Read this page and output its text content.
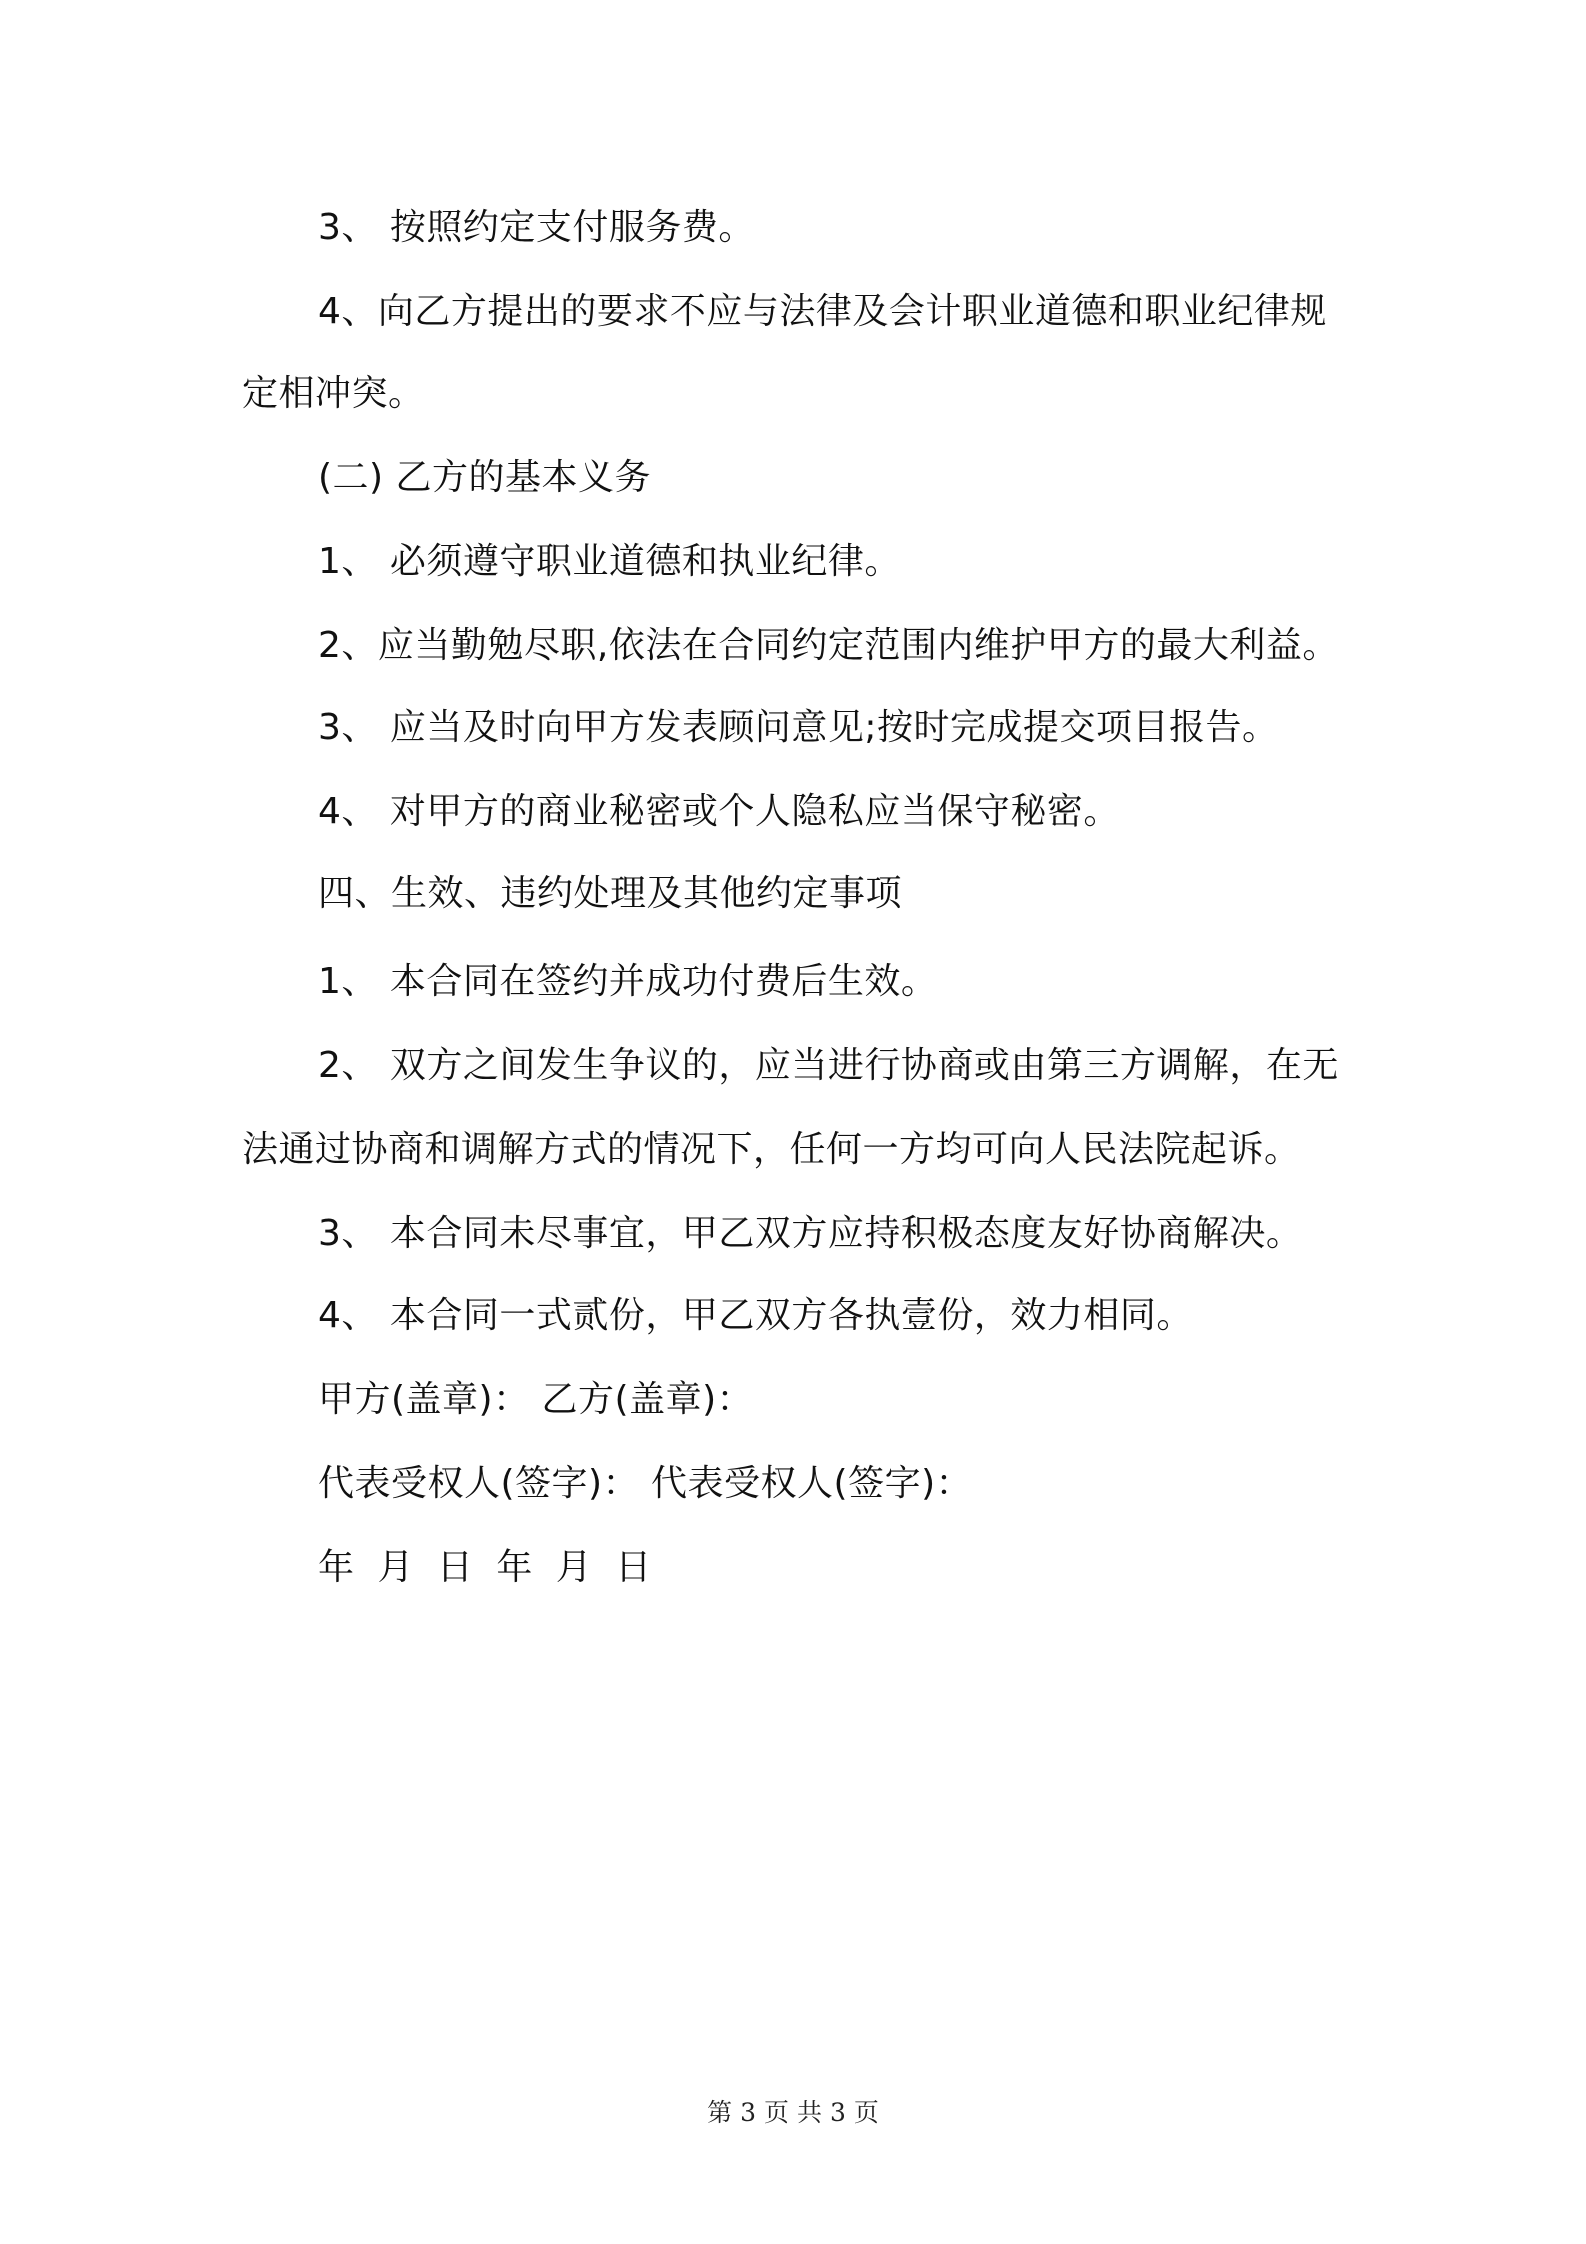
3、 按照约定支付服务费。
4、向乙方提出的要求不应与法律及会计职业道德和职业纪律规
定相冲突。
(二) 乙方的基本义务
1、 必须遵守职业道德和执业纪律。
2、应当勤勉尽职,依法在合同约定范围内维护甲方的最大利益。
3、 应当及时向甲方发表顾问意见;按时完成提交项目报告。
4、 对甲方的商业秘密或个人隐私应当保守秘密。
四、生效、违约处理及其他约定事项
1、 本合同在签约并成功付费后生效。
2、 双方之间发生争议的，应当进行协商或由第三方调解，在无
法通过协商和调解方式的情况下，任何一方均可向人民法院起诉。
3、 本合同未尽事宜，甲乙双方应持积极态度友好协商解决。
4、 本合同一式贰份，甲乙双方各执壹份，效力相同。
甲方(盖章)： 乙方(盖章)：
代表受权人(签字)： 代表受权人(签字)：
年 月 日 年 月 日
第 3 页 共 3 页
